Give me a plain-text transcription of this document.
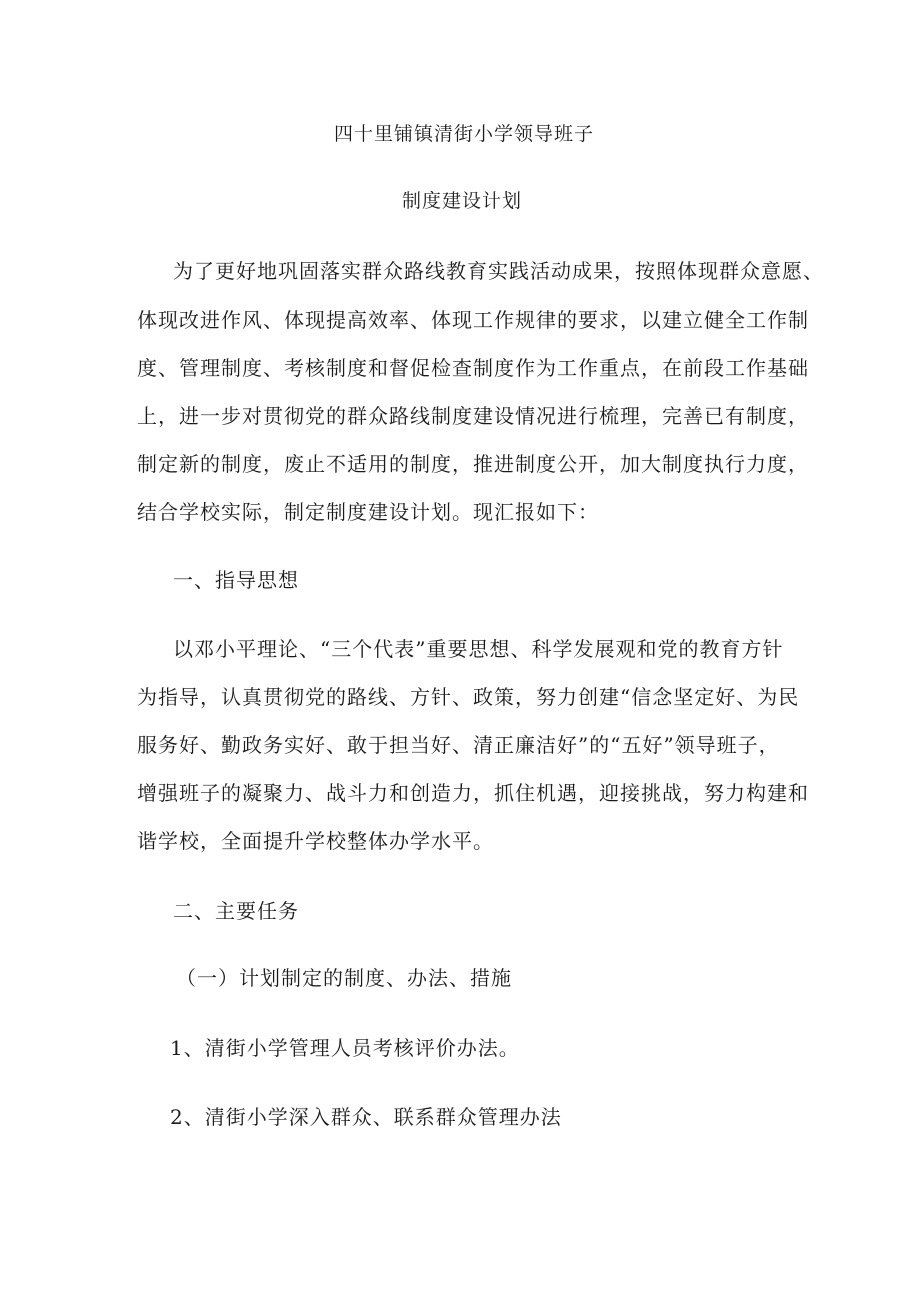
四十里铺镇清街小学领导班子
制度建设计划
为了更好地巩固落实群众路线教育实践活动成果，按照体现群众意愿、
体现改进作风、体现提高效率、体现工作规律的要求，以建立健全工作制
度、管理制度、考核制度和督促检查制度作为工作重点，在前段工作基础
上，进一步对贯彻党的群众路线制度建设情况进行梳理，完善已有制度，
制定新的制度，废止不适用的制度，推进制度公开，加大制度执行力度，
结合学校实际，制定制度建设计划。现汇报如下：
一、指导思想
以邓小平理论、“三个代表”重要思想、科学发展观和党的教育方针
为指导，认真贯彻党的路线、方针、政策，努力创建“信念坚定好、为民
服务好、勤政务实好、敢于担当好、清正廉洁好”的“五好”领导班子，
增强班子的凝聚力、战斗力和创造力，抓住机遇，迎接挑战，努力构建和
谐学校，全面提升学校整体办学水平。
二、主要任务
（一）计划制定的制度、办法、措施
1、清街小学管理人员考核评价办法。
2、清街小学深入群众、联系群众管理办法
